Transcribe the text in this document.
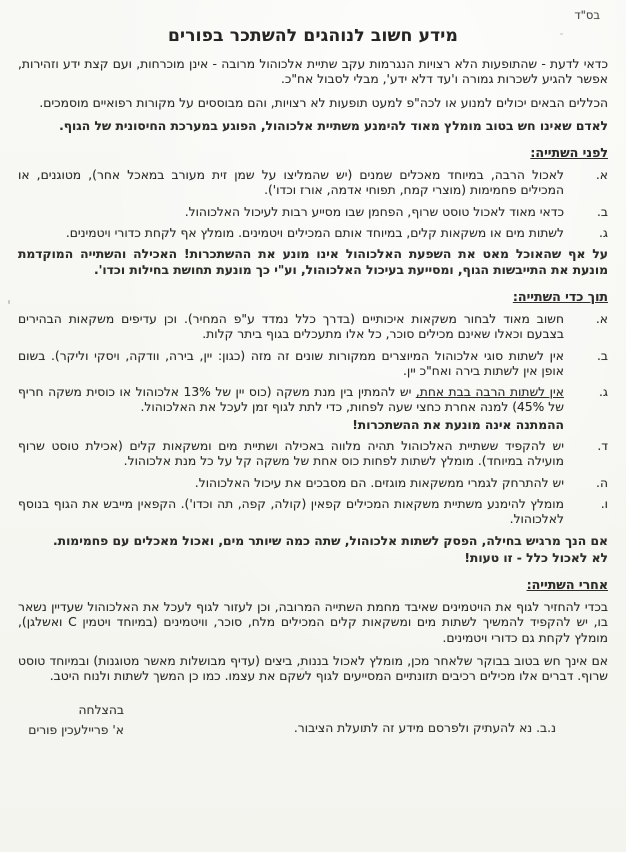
בס"ד
מידע חשוב לנוהגים להשתכר בפורים

כדאי לדעת - שהתופעות הלא רצויות הנגרמות עקב שתיית אלכוהול מרובה - אינן מוכרחות, ועם קצת ידע וזהירות, אפשר להגיע לשכרות גמורה ו'עד דלא ידע', מבלי לסבול אח"כ.

הכללים הבאים יכולים למנוע או לכה"פ למעט תופעות לא רצויות, והם מבוססים על מקורות רפואיים מוסמכים.

לאדם שאינו חש בטוב מומלץ מאוד להימנע משתיית אלכוהול, הפוגע במערכת החיסונית של הגוף.

לפני השתייה:
א.
לאכול הרבה, במיוחד מאכלים שמנים (יש שהמליצו על שמן זית מעורב במאכל אחר), מטוגנים, או המכילים פחמימות (מוצרי קמח, תפוחי אדמה, אורז וכדו').
ב.
כדאי מאוד לאכול טוסט שרוף, הפחמן שבו מסייע רבות לעיכול האלכוהול.
ג.
לשתות מים או משקאות קלים, במיוחד אותם המכילים ויטמינים. מומלץ אף לקחת כדורי ויטמינים.

על אף שהאוכל מאט את השפעת האלכוהול אינו מונע את ההשתכרות! האכילה והשתייה המוקדמת מונעת את התייבשות הגוף, ומסייעת בעיכול האלכוהול, וע"י כך מונעת תחושת בחילות וכדו'.

תוך כדי השתייה:
א.
חשוב מאוד לבחור משקאות איכותיים (בדרך כלל נמדד ע"פ המחיר). וכן עדיפים משקאות הבהירים בצבעם וכאלו שאינם מכילים סוכר, כל אלו מתעכלים בגוף ביתר קלות.
ב.
אין לשתות סוגי אלכוהול המיוצרים ממקורות שונים זה מזה (כגון: יין, בירה, וודקה, ויסקי וליקר). בשום אופן אין לשתות בירה ואח"כ יין.
ג.
אין לשתות הרבה בבת אחת, יש להמתין בין מנת משקה (כוס יין של 13% אלכוהול או כוסית משקה חריף של 45%) למנה אחרת כחצי שעה לפחות, כדי לתת לגוף זמן לעכל את האלכוהול.
ההמתנה אינה מונעת את ההשתכרות!
ד.
יש להקפיד ששתיית האלכוהול תהיה מלווה באכילה ושתיית מים ומשקאות קלים (אכילת טוסט שרוף מועילה במיוחד). מומלץ לשתות לפחות כוס אחת של משקה קל על כל מנת אלכוהול.
ה.
יש להתרחק לגמרי ממשקאות מוגזים. הם מסבכים את עיכול האלכוהול.
ו.
מומלץ להימנע משתיית משקאות המכילים קפאין (קולה, קפה, תה וכדו'). הקפאין מייבש את הגוף בנוסף לאלכוהול.

אם הנך מרגיש בחילה, הפסק לשתות אלכוהול, שתה כמה שיותר מים, ואכול מאכלים עם פחמימות.

לא לאכול כלל - זו טעות!

אחרי השתייה:

בכדי להחזיר לגוף את הויטמינים שאיבד מחמת השתייה המרובה, וכן לעזור לגוף לעכל את האלכוהול שעדיין נשאר בו, יש להקפיד להמשיך לשתות מים ומשקאות קלים המכילים מלח, סוכר, וויטמינים (במיוחד ויטמין C ואשלגן), מומלץ לקחת גם כדורי ויטמינים.

אם אינך חש בטוב בבוקר שלאחר מכן, מומלץ לאכול בננות, ביצים (עדיף מבושלות מאשר מטוגנות) ובמיוחד טוסט שרוף. דברים אלו מכילים רכיבים תזונתיים המסייעים לגוף לשקם את עצמו. כמו כן המשך לשתות ולנוח היטב.

בהצלחה
א' פריילעכין פורים	נ.ב. נא להעתיק ולפרסם מידע זה לתועלת הציבור.
